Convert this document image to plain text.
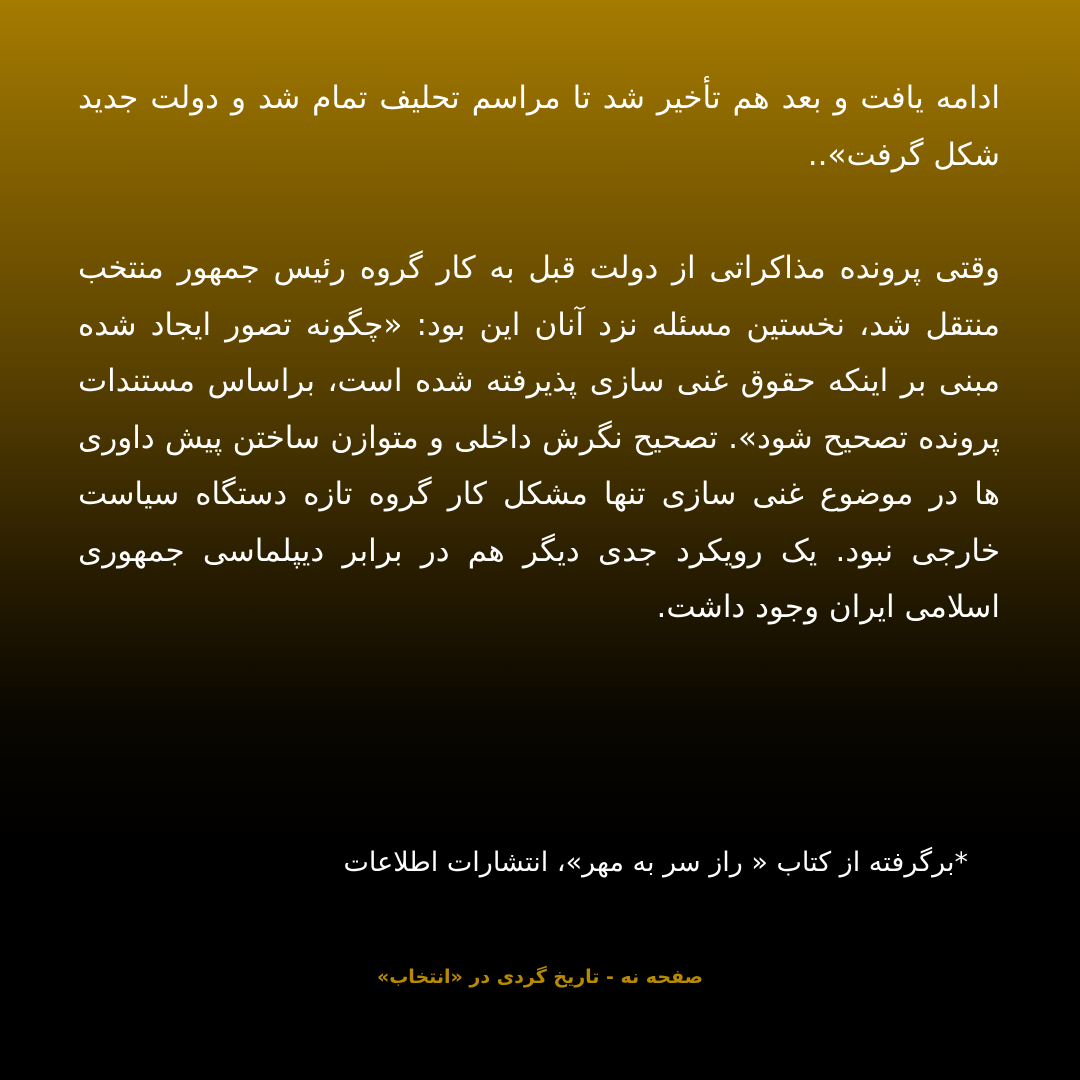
ادامه یافت و بعد هم تأخیر شد تا مراسم تحلیف تمام شد و دولت جدید شکل گرفت»..

وقتی پرونده مذاکراتی از دولت قبل به کار گروه رئیس جمهور منتخب منتقل شد، نخستین مسئله نزد آنان این بود: «چگونه تصور ایجاد شده مبنی بر اینکه حقوق غنی سازی پذیرفته شده است، براساس مستندات پرونده تصحیح شود». تصحیح نگرش داخلی و متوازن ساختن پیش داوری ها در موضوع غنی سازی تنها مشکل کار گروه تازه دستگاه سیاست خارجی نبود. یک رویکرد جدی دیگر هم در برابر دیپلماسی جمهوری اسلامی ایران وجود داشت.

*برگرفته از کتاب « راز سر به مهر»، انتشارات اطلاعات

صفحه نه - تاریخ گردی در «انتخاب»
